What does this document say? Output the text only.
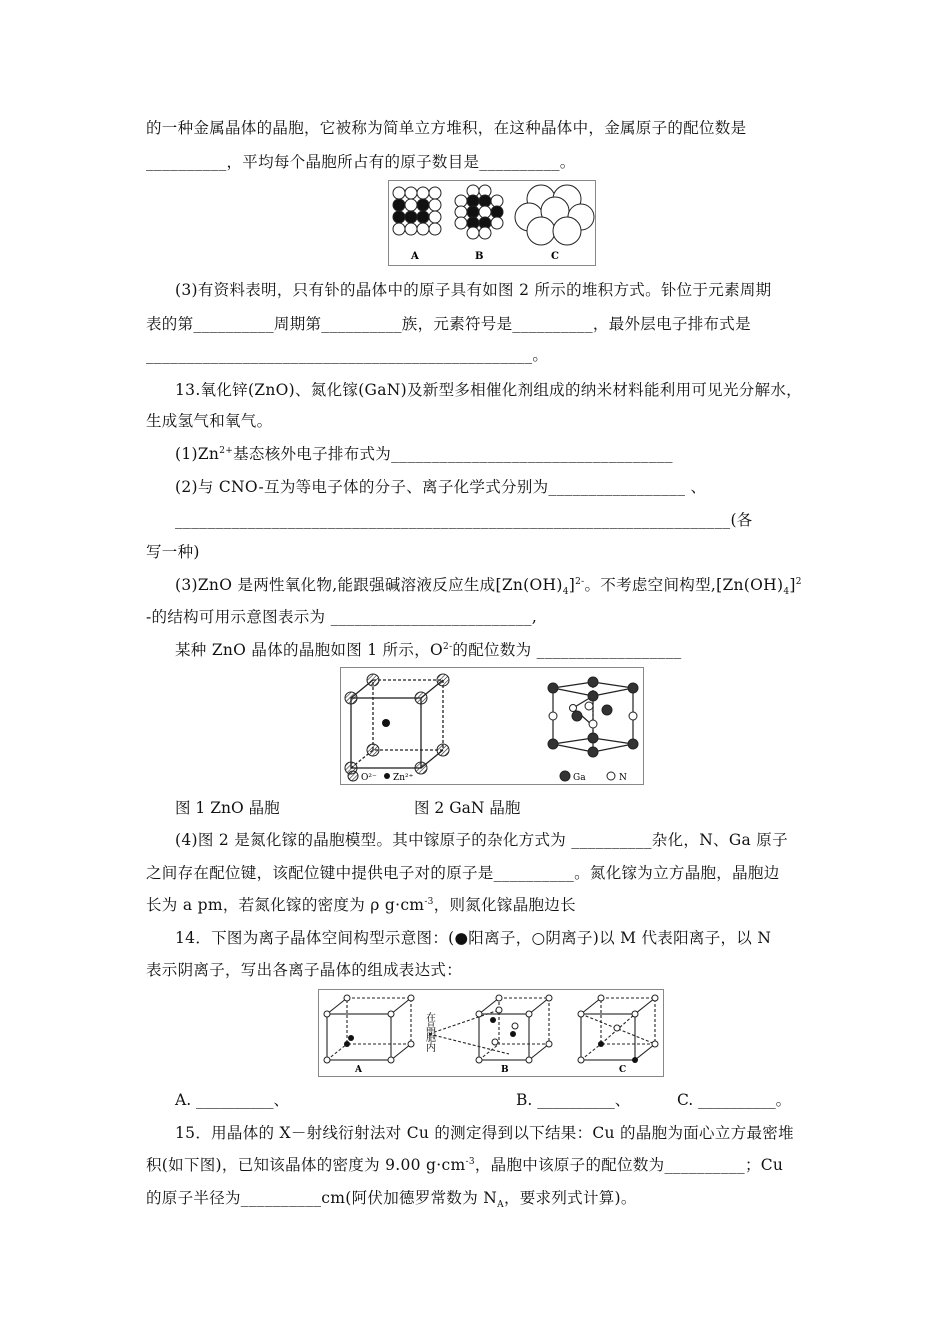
的一种金属晶体的晶胞，它被称为简单立方堆积，在这种晶体中，金属原子的配位数是
__________，平均每个晶胞所占有的原子数目是__________。
A	B	C
(3)有资料表明，只有钋的晶体中的原子具有如图 2 所示的堆积方式。钋位于元素周期
表的第__________周期第__________族，元素符号是__________，最外层电子排布式是
________________________________________________。
13.氧化锌(ZnO)、氮化镓(GaN)及新型多相催化剂组成的纳米材料能利用可见光分解水，
生成氢气和氧气。
$(1)Zn^{2+}$基态核外电子排布式为___________________________________
(2)与 CNO-互为等电子体的分子、离子化学式分别为_________________ 、
_____________________________________________________________________(各
写一种)
(3)ZnO 是两性氧化物,能跟强碱溶液反应生成$[Zn(OH)_4]^{2-}$。不考虑空间构型$,[Zn(OH)_4]^2$
-的结构可用示意图表示为 _________________________,
某种 ZnO 晶体的晶胞如图 1 所示，$O^{2-}$的配位数为 __________________
O²⁻ Zn²⁺	Ga	N
图 1 ZnO 晶胞	图 2 GaN 晶胞
(4)图 2 是氮化镓的晶胞模型。其中镓原子的杂化方式为 __________杂化，N、Ga 原子
之间存在配位键，该配位键中提供电子对的原子是__________。氮化镓为立方晶胞，晶胞边
长为 a pm，若氮化镓的密度为 ρ $g\cdot cm^{-3}$，则氮化镓晶胞边长
14．下图为离子晶体空间构型示意图：(●阳离子，○阴离子)以 M 代表阳离子，以 N
表示阴离子，写出各离子晶体的组成表达式：
A	B	C
在晶胞内
A. __________、	B. __________、	C. __________。
15．用晶体的 X－射线衍射法对 Cu 的测定得到以下结果：Cu 的晶胞为面心立方最密堆
积(如下图)，已知该晶体的密度为 9.00 $g\cdot cm^{-3}$，晶胞中该原子的配位数为__________；Cu
的原子半径为__________cm(阿伏加德罗常数为 $N_A$，要求列式计算)。
